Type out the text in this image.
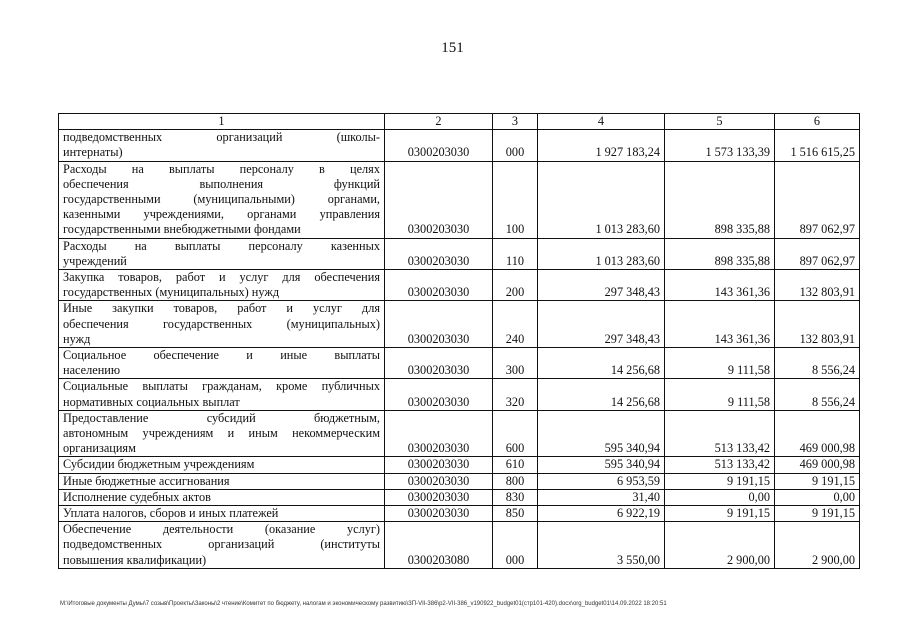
151
1	2	3	4	5	6

подведомственных организаций (школы-
интернаты)	0300203030	000	1 927 183,24	1 573 133,39	1 516 615,25

Расходы на выплаты персоналу в целях
обеспечения выполнения функций
государственными (муниципальными) органами,
казенными учреждениями, органами управления
государственными внебюджетными фондами	0300203030	100	1 013 283,60	898 335,88	897 062,97

Расходы на выплаты персоналу казенных
учреждений	0300203030	110	1 013 283,60	898 335,88	897 062,97

Закупка товаров, работ и услуг для обеспечения
государственных (муниципальных) нужд	0300203030	200	297 348,43	143 361,36	132 803,91

Иные закупки товаров, работ и услуг для
обеспечения государственных (муниципальных)
нужд	0300203030	240	297 348,43	143 361,36	132 803,91

Социальное обеспечение и иные выплаты
населению	0300203030	300	14 256,68	9 111,58	8 556,24

Социальные выплаты гражданам, кроме публичных
нормативных социальных выплат	0300203030	320	14 256,68	9 111,58	8 556,24

Предоставление субсидий бюджетным,
автономным учреждениям и иным некоммерческим
организациям	0300203030	600	595 340,94	513 133,42	469 000,98

Субсидии бюджетным учреждениям	0300203030	610	595 340,94	513 133,42	469 000,98

Иные бюджетные ассигнования	0300203030	800	6 953,59	9 191,15	9 191,15

Исполнение судебных актов	0300203030	830	31,40	0,00	0,00

Уплата налогов, сборов и иных платежей	0300203030	850	6 922,19	9 191,15	9 191,15

Обеспечение деятельности (оказание услуг)
подведомственных организаций (институты
повышения квалификации)	0300203080	000	3 550,00	2 900,00	2 900,00
M:\Итоговые документы Думы\7 созыв\Проекты\Законы\2 чтение\Комитет по бюджету, налогам и экономическому развитию\ЗП-VII-386\р2-VII-386_v190922_budget01(стр101-420).docx\org_budget01\14.09.2022 18:20:51
